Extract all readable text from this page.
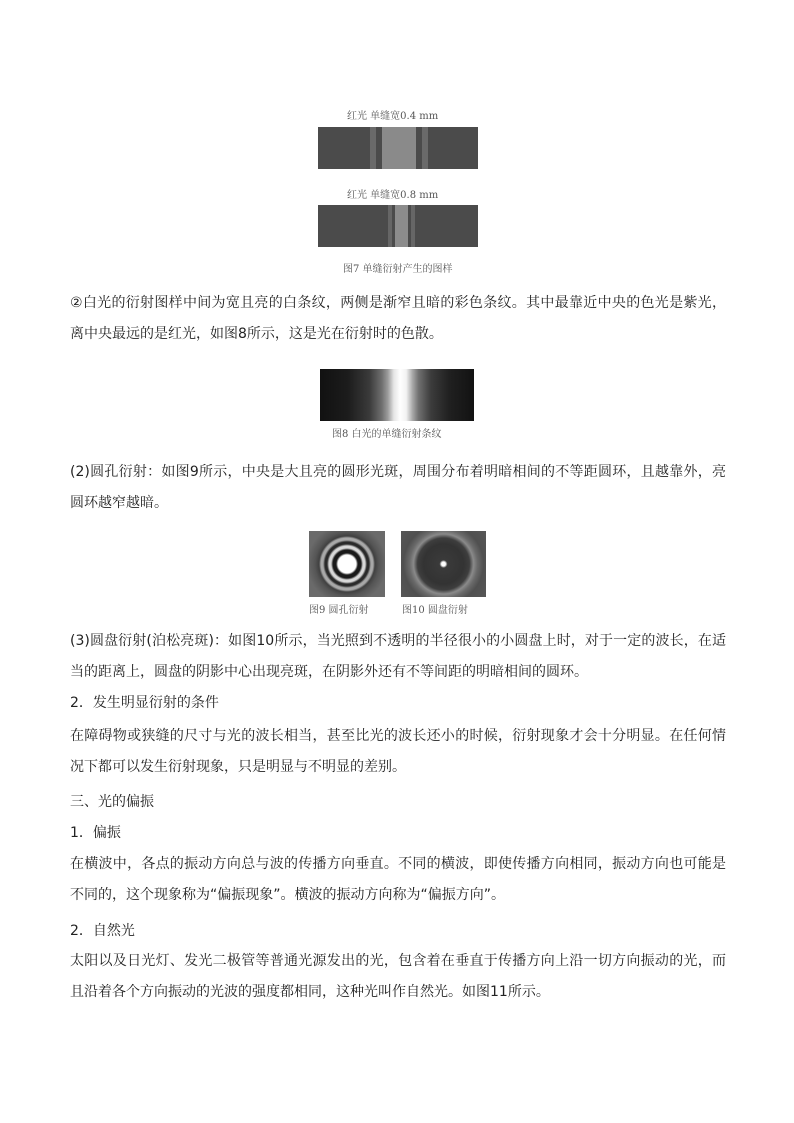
红光 单缝宽0.4 mm
红光 单缝宽0.8 mm
图7 单缝衍射产生的图样

②白光的衍射图样中间为宽且亮的白条纹，两侧是渐窄且暗的彩色条纹。其中最靠近中央的色光是紫光，离中央最远的是红光，如图8所示，这是光在衍射时的色散。

图8 白光的单缝衍射条纹

(2)圆孔衍射：如图9所示，中央是大且亮的圆形光斑，周围分布着明暗相间的不等距圆环，且越靠外，亮圆环越窄越暗。

图9 圆孔衍射	图10 圆盘衍射

(3)圆盘衍射(泊松亮斑)：如图10所示，当光照到不透明的半径很小的小圆盘上时，对于一定的波长，在适当的距离上，圆盘的阴影中心出现亮斑，在阴影外还有不等间距的明暗相间的圆环。

2．发生明显衍射的条件

在障碍物或狭缝的尺寸与光的波长相当，甚至比光的波长还小的时候，衍射现象才会十分明显。在任何情况下都可以发生衍射现象，只是明显与不明显的差别。

三、光的偏振

1．偏振

在横波中，各点的振动方向总与波的传播方向垂直。不同的横波，即使传播方向相同，振动方向也可能是不同的，这个现象称为“偏振现象”。横波的振动方向称为“偏振方向”。

2．自然光

太阳以及日光灯、发光二极管等普通光源发出的光，包含着在垂直于传播方向上沿一切方向振动的光，而且沿着各个方向振动的光波的强度都相同，这种光叫作自然光。如图11所示。
